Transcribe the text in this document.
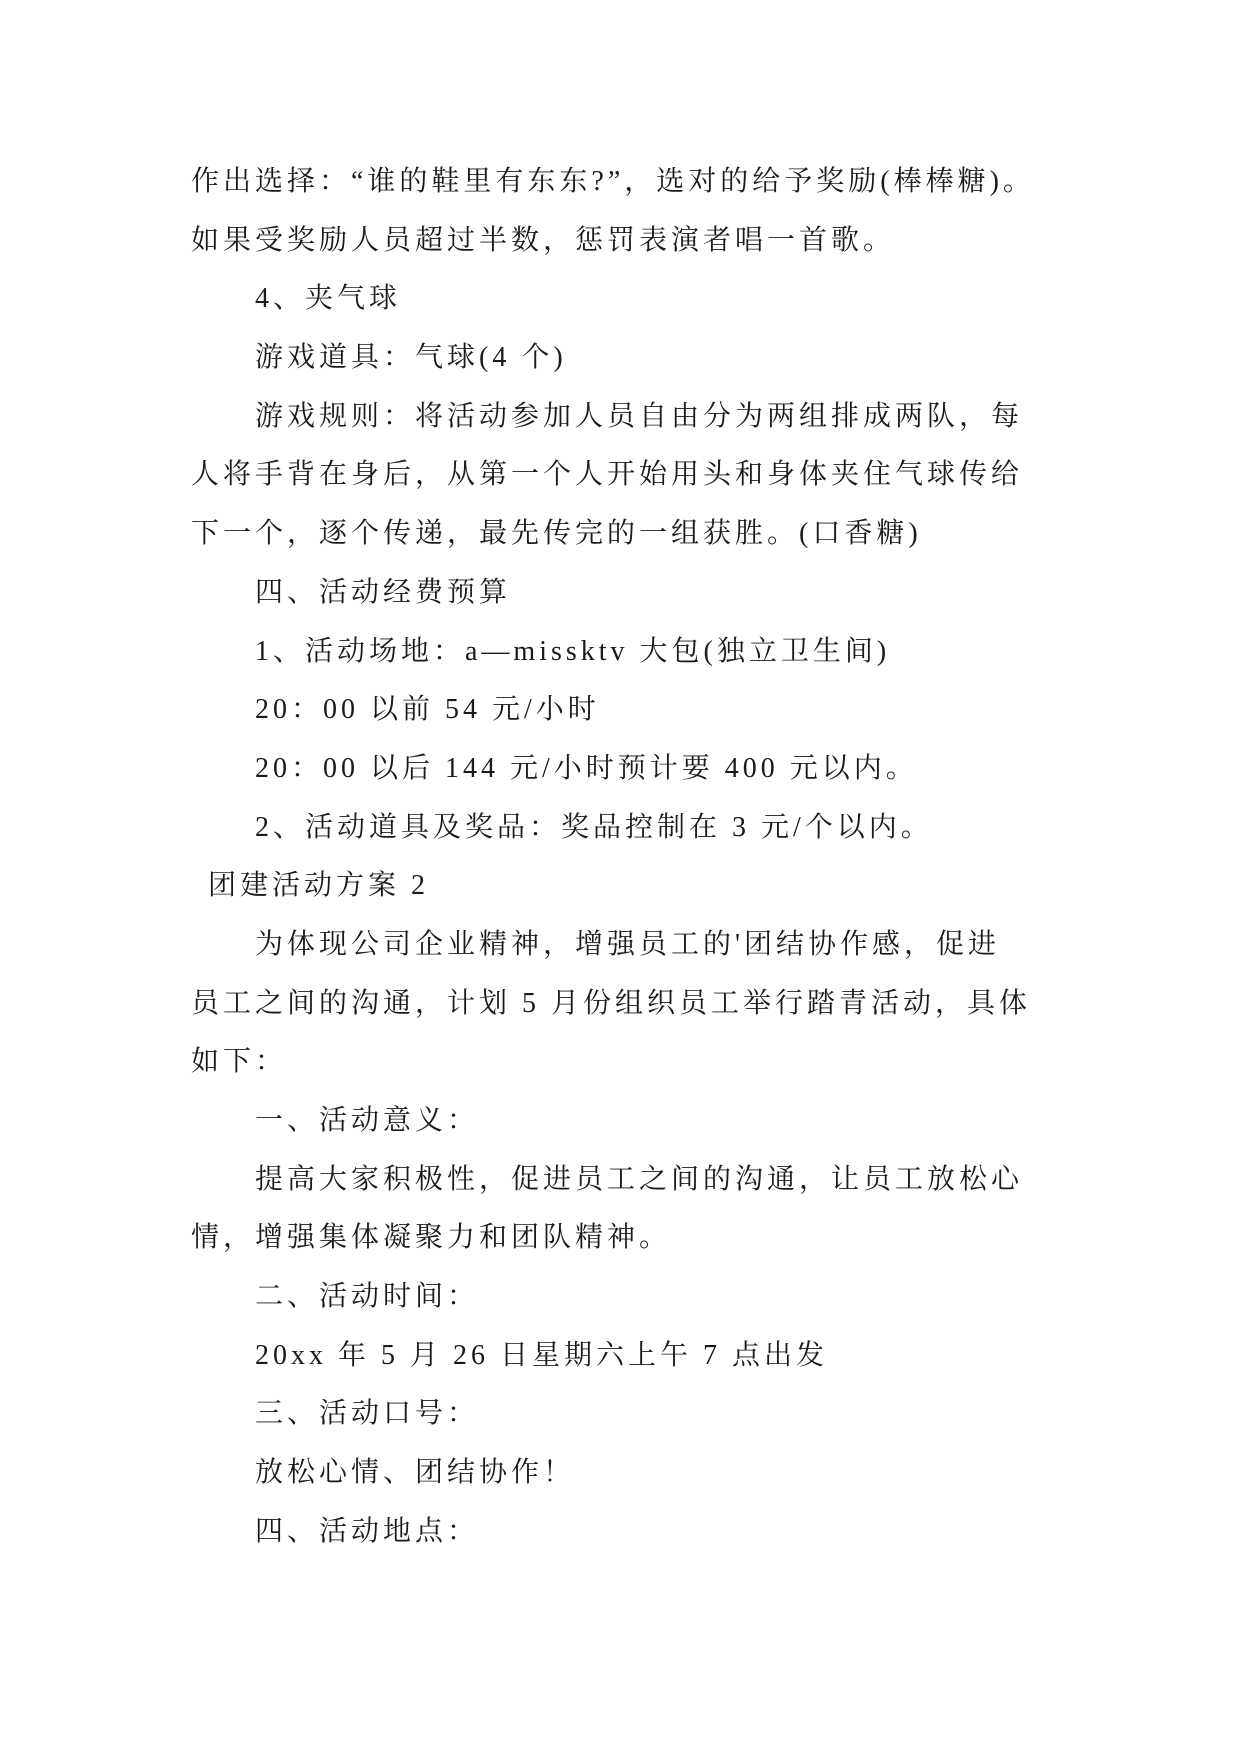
作出选择：“谁的鞋里有东东?”，选对的给予奖励(棒棒糖)。

如果受奖励人员超过半数，惩罚表演者唱一首歌。

4、夹气球

游戏道具：气球(4 个)

游戏规则：将活动参加人员自由分为两组排成两队，每

人将手背在身后，从第一个人开始用头和身体夹住气球传给

下一个，逐个传递，最先传完的一组获胜。(口香糖)

四、活动经费预算

1、活动场地：a—missktv 大包(独立卫生间)

20：00 以前 54 元/小时

20：00 以后 144 元/小时预计要 400 元以内。

2、活动道具及奖品：奖品控制在 3 元/个以内。

团建活动方案 2

为体现公司企业精神，增强员工的'团结协作感，促进

员工之间的沟通，计划 5 月份组织员工举行踏青活动，具体

如下：

一、活动意义：

提高大家积极性，促进员工之间的沟通，让员工放松心

情，增强集体凝聚力和团队精神。

二、活动时间：

20xx 年 5 月 26 日星期六上午 7 点出发

三、活动口号：

放松心情、团结协作！

四、活动地点：
